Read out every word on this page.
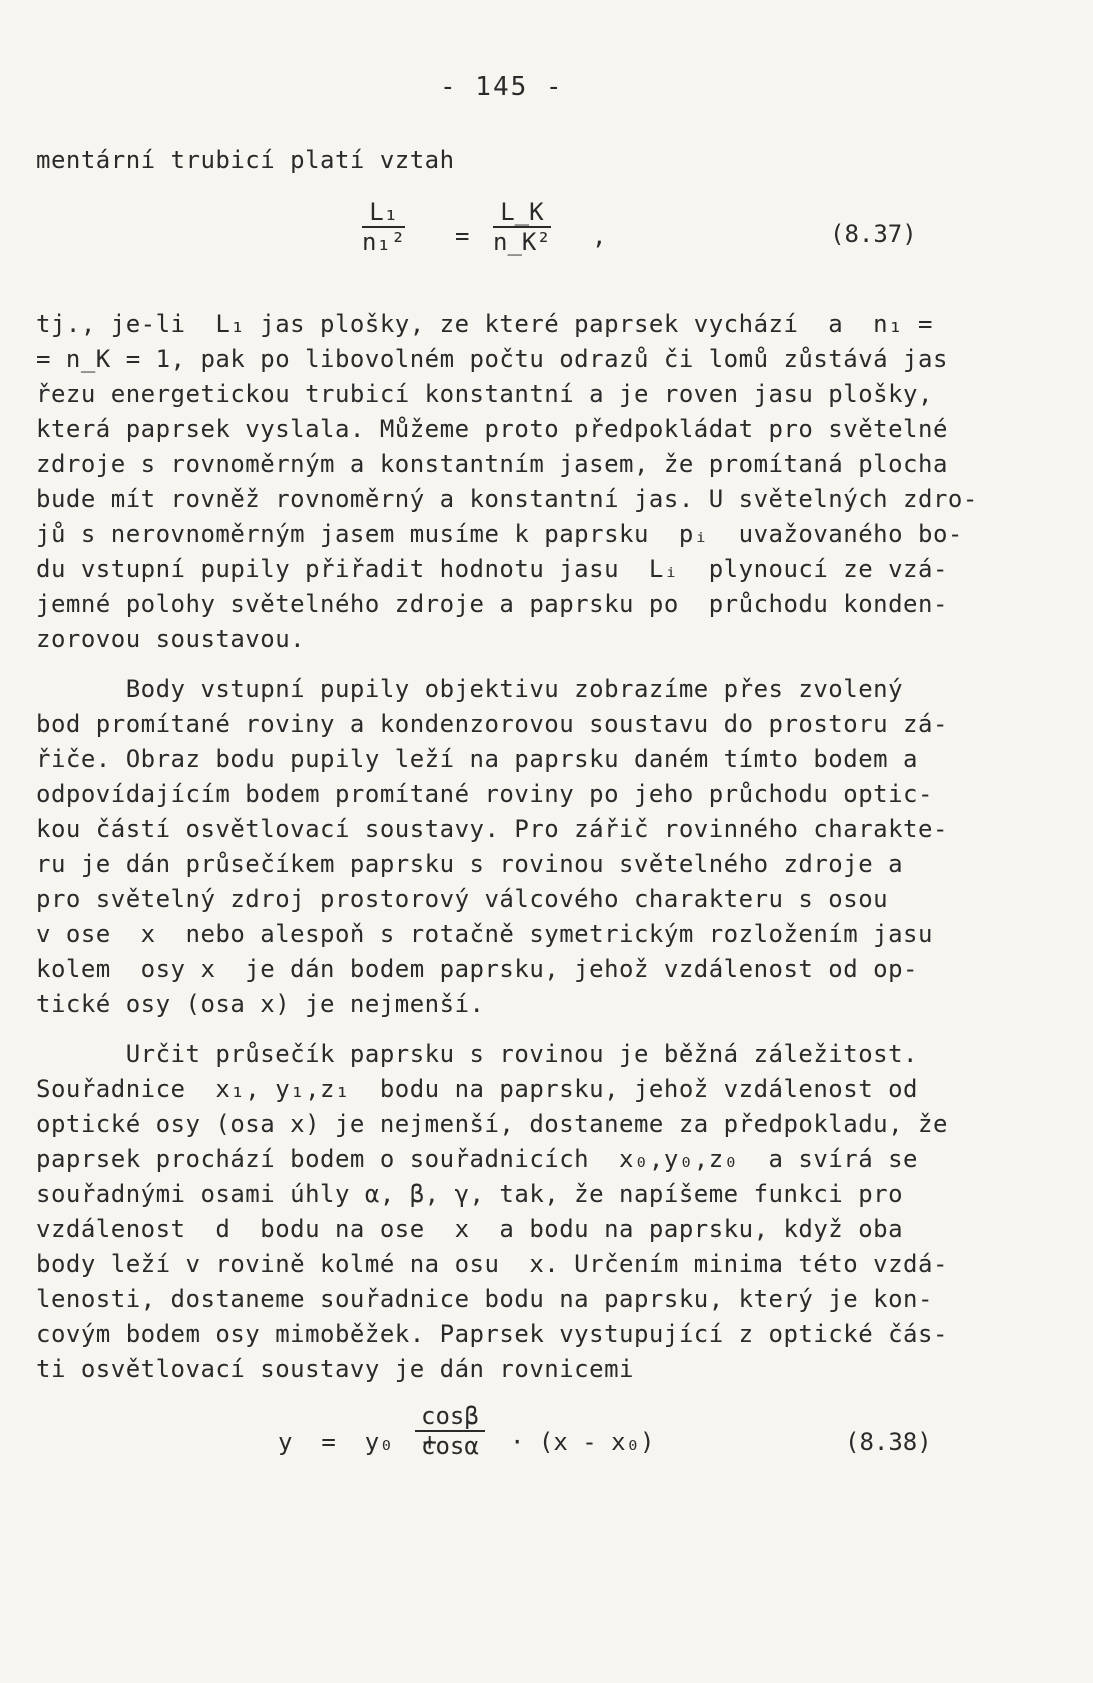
- 145 -
mentární trubicí platí vztah
$\frac{\text{L₁}}{\text{n₁²}} = \frac{L\_K}{\text{n\_K²}}$ ,	(8.37)
tj., je-li  L₁ jas plošky, ze které paprsek vychází  a  n₁ =
= n_K = 1, pak po libovolném počtu odrazů či lomů zůstává jas
řezu energetickou trubicí konstantní a je roven jasu plošky,
která paprsek vyslala. Můžeme proto předpokládat pro světelné
zdroje s rovnoměrným a konstantním jasem, že promítaná plocha
bude mít rovněž rovnoměrný a konstantní jas. U světelných zdro-
jů s nerovnoměrným jasem musíme k paprsku  pᵢ  uvažovaného bo-
du vstupní pupily přiřadit hodnotu jasu  Lᵢ  plynoucí ze vzá-
jemné polohy světelného zdroje a paprsku po  průchodu konden-
zorovou soustavou.
Body vstupní pupily objektivu zobrazíme přes zvolený
bod promítané roviny a kondenzorovou soustavu do prostoru zá-
řiče. Obraz bodu pupily leží na paprsku daném tímto bodem a
odpovídajícím bodem promítané roviny po jeho průchodu optic-
kou částí osvětlovací soustavy. Pro zářič rovinného charakte-
ru je dán průsečíkem paprsku s rovinou světelného zdroje a
pro světelný zdroj prostorový válcového charakteru s osou
v ose  x  nebo alespoň s rotačně symetrickým rozložením jasu
kolem  osy x  je dán bodem paprsku, jehož vzdálenost od op-
tické osy (osa x) je nejmenší.
Určit průsečík paprsku s rovinou je běžná záležitost.
Souřadnice  x₁, y₁,z₁  bodu na paprsku, jehož vzdálenost od
optické osy (osa x) je nejmenší, dostaneme za předpokladu, že
paprsek prochází bodem o souřadnicích  x₀,y₀,z₀  a svírá se
souřadnými osami úhly α, β, γ, tak, že napíšeme funkci pro
vzdálenost  d  bodu na ose  x  a bodu na paprsku, když oba
body leží v rovině kolmé na osu  x. Určením minima této vzdá-
lenosti, dostaneme souřadnice bodu na paprsku, který je kon-
covým bodem osy mimoběžek. Paprsek vystupující z optické čás-
ti osvětlovací soustavy je dán rovnicemi
y  =  y₀  +
$\frac{\cos\beta}{\cos\alpha} \cdot (x - x_0)$	(8.38)
